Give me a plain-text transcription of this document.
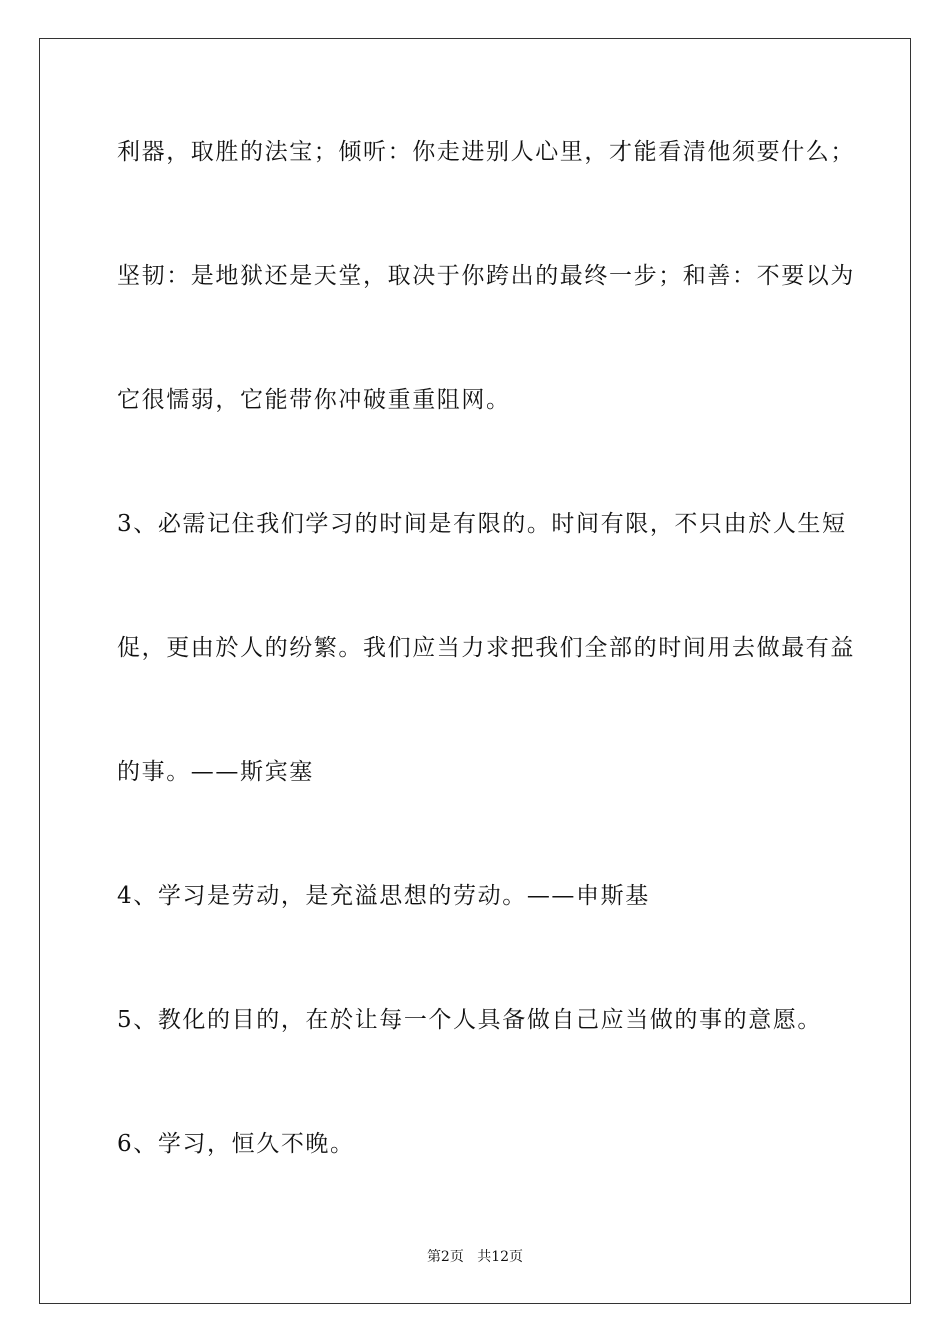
利器，取胜的法宝；倾听：你走进别人心里，才能看清他须要什么；
坚韧：是地狱还是天堂，取决于你跨出的最终一步；和善：不要以为
它很懦弱，它能带你冲破重重阻网。
3、必需记住我们学习的时间是有限的。时间有限，不只由於人生短
促，更由於人的纷繁。我们应当力求把我们全部的时间用去做最有益
的事。——斯宾塞
4、学习是劳动，是充溢思想的劳动。——申斯基
5、教化的目的，在於让每一个人具备做自己应当做的事的意愿。
6、学习，恒久不晚。
第2页 共12页
